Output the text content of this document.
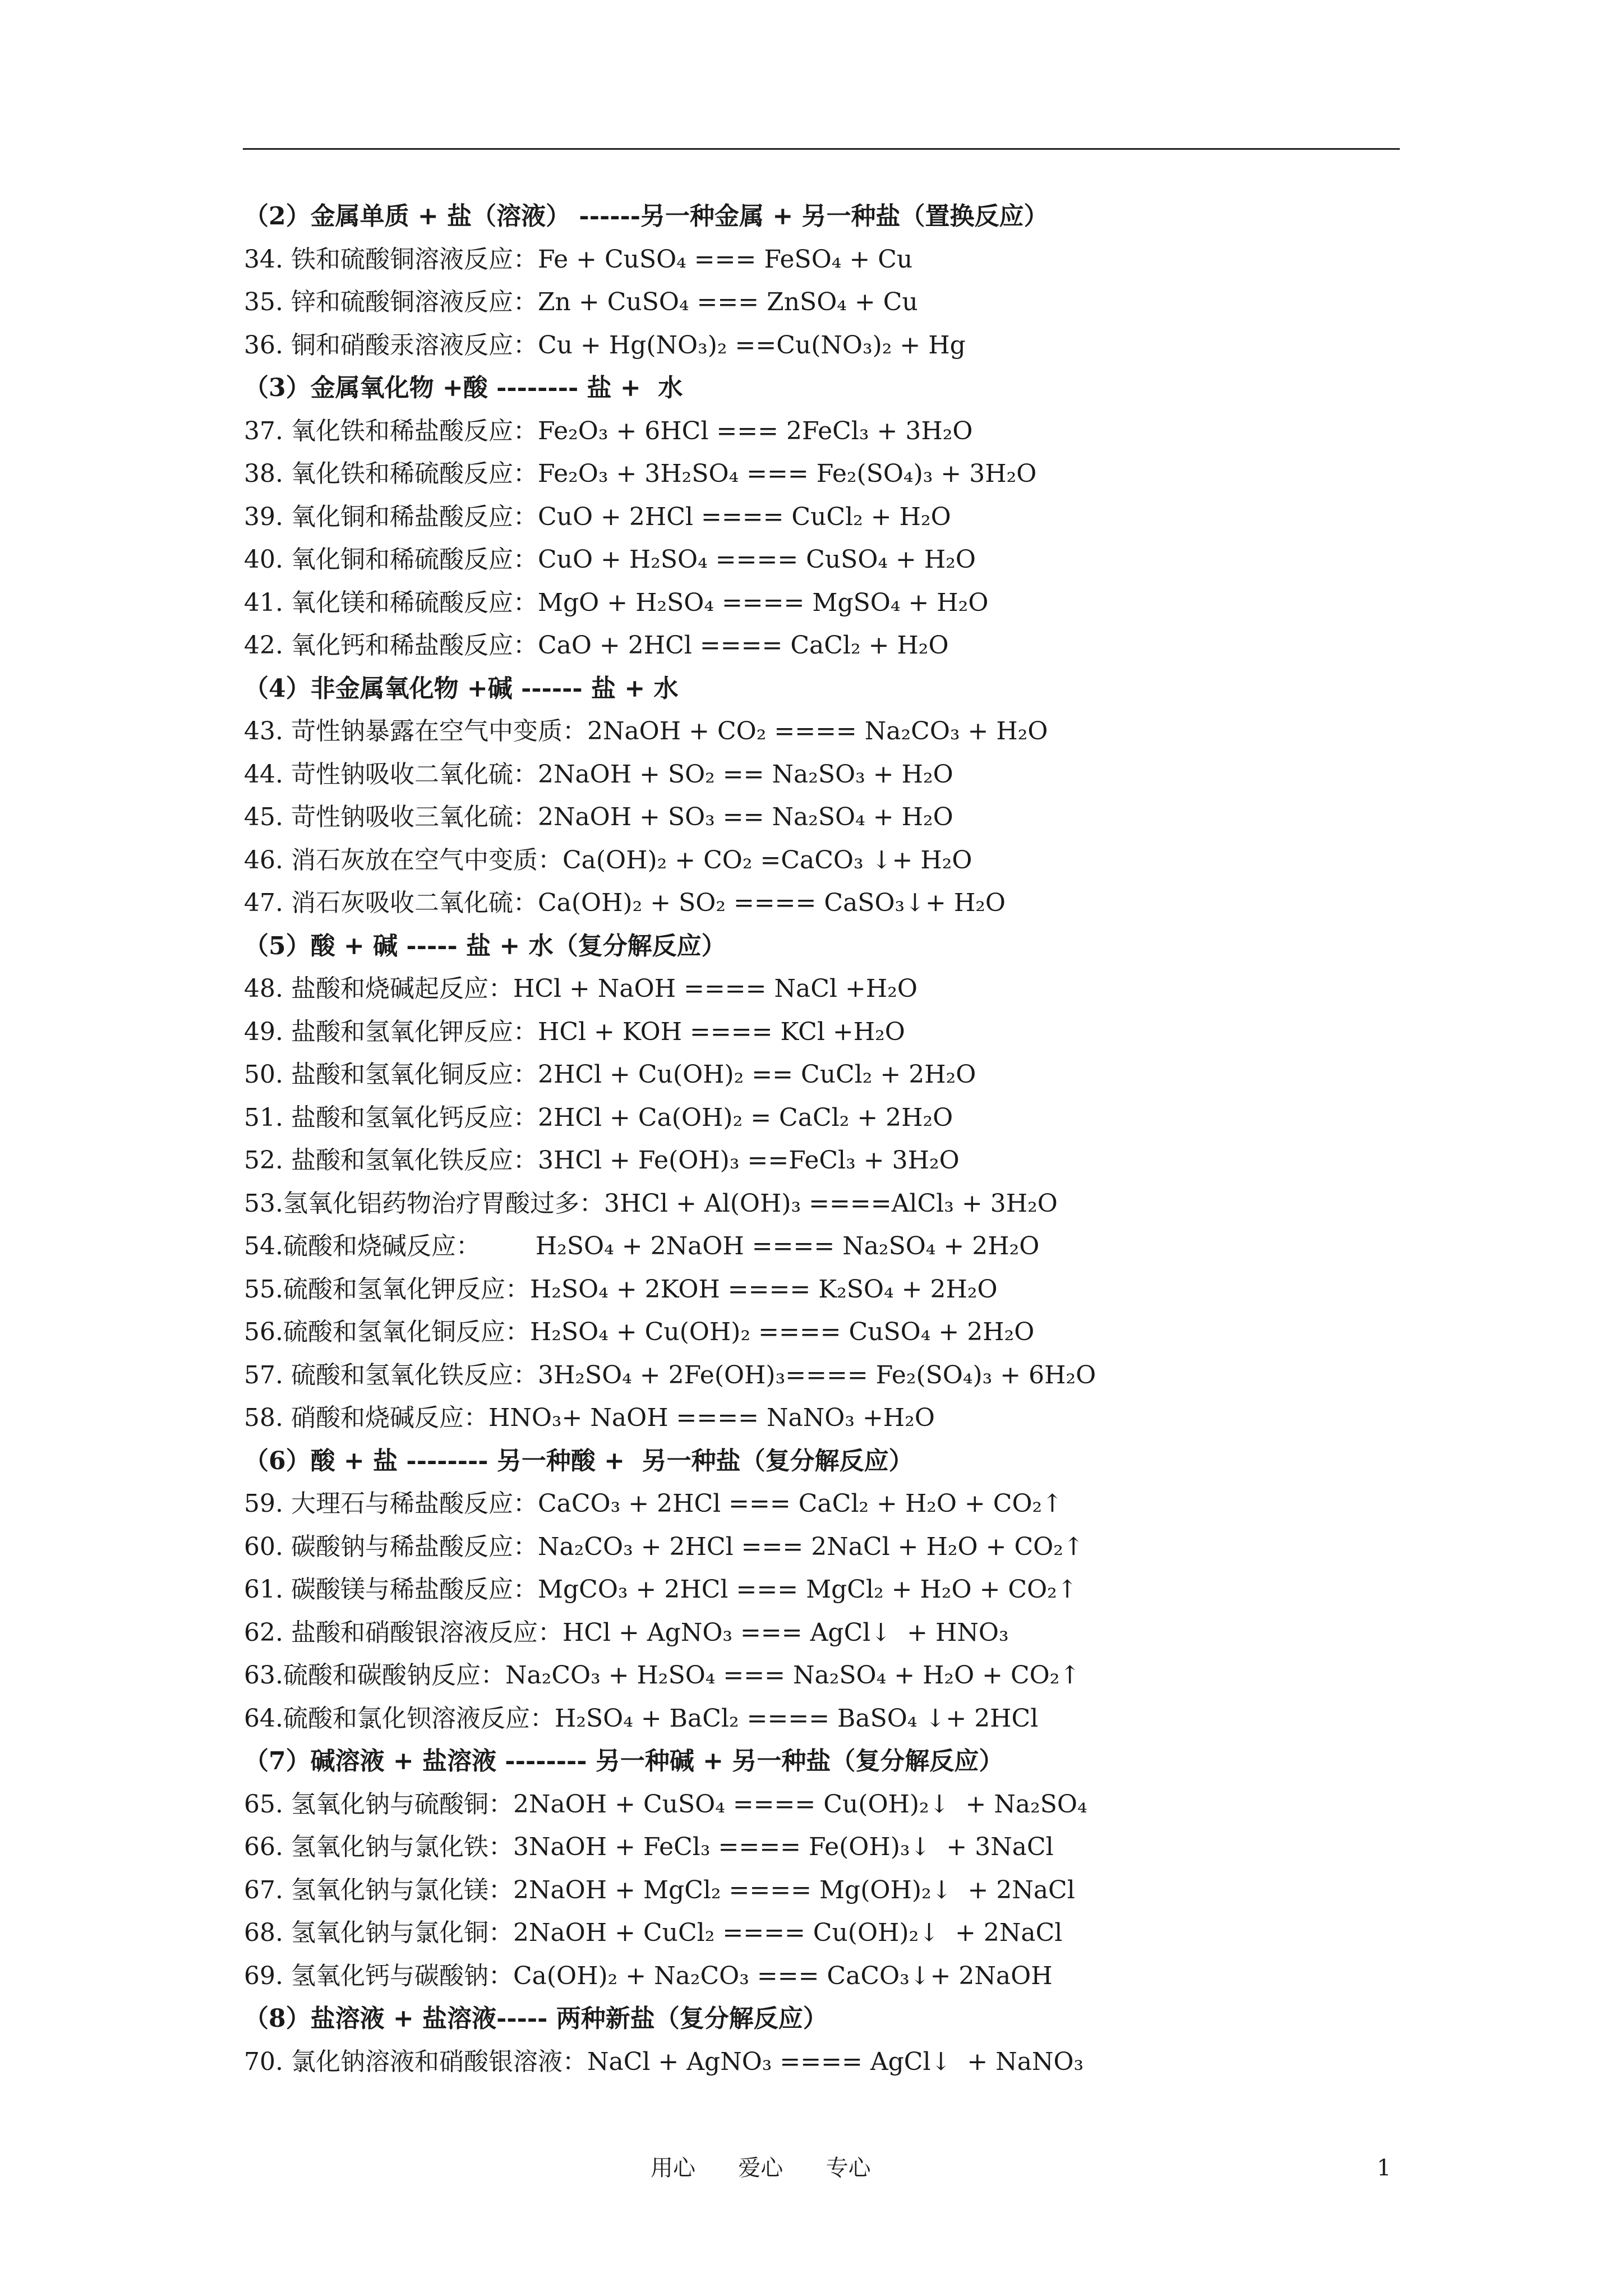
（2）金属单质 + 盐（溶液） ------另一种金属 + 另一种盐（置换反应）
34. 铁和硫酸铜溶液反应：Fe + CuSO₄ === FeSO₄ + Cu
35. 锌和硫酸铜溶液反应：Zn + CuSO₄ === ZnSO₄ + Cu
36. 铜和硝酸汞溶液反应：Cu + Hg(NO₃)₂ ==Cu(NO₃)₂ + Hg
（3）金属氧化物 +酸 -------- 盐 +  水
37. 氧化铁和稀盐酸反应：Fe₂O₃ + 6HCl === 2FeCl₃ + 3H₂O
38. 氧化铁和稀硫酸反应：Fe₂O₃ + 3H₂SO₄ === Fe₂(SO₄)₃ + 3H₂O
39. 氧化铜和稀盐酸反应：CuO + 2HCl ==== CuCl₂ + H₂O
40. 氧化铜和稀硫酸反应：CuO + H₂SO₄ ==== CuSO₄ + H₂O
41. 氧化镁和稀硫酸反应：MgO + H₂SO₄ ==== MgSO₄ + H₂O
42. 氧化钙和稀盐酸反应：CaO + 2HCl ==== CaCl₂ + H₂O
（4）非金属氧化物 +碱 ------ 盐 + 水
43. 苛性钠暴露在空气中变质：2NaOH + CO₂ ==== Na₂CO₃ + H₂O
44. 苛性钠吸收二氧化硫：2NaOH + SO₂ == Na₂SO₃ + H₂O
45. 苛性钠吸收三氧化硫：2NaOH + SO₃ == Na₂SO₄ + H₂O
46. 消石灰放在空气中变质：Ca(OH)₂ + CO₂ =CaCO₃ ↓+ H₂O
47. 消石灰吸收二氧化硫：Ca(OH)₂ + SO₂ ==== CaSO₃↓+ H₂O
（5）酸 + 碱 ----- 盐 + 水（复分解反应）
48. 盐酸和烧碱起反应：HCl + NaOH ==== NaCl +H₂O
49. 盐酸和氢氧化钾反应：HCl + KOH ==== KCl +H₂O
50. 盐酸和氢氧化铜反应：2HCl + Cu(OH)₂ == CuCl₂ + 2H₂O
51. 盐酸和氢氧化钙反应：2HCl + Ca(OH)₂ = CaCl₂ + 2H₂O
52. 盐酸和氢氧化铁反应：3HCl + Fe(OH)₃ ==FeCl₃ + 3H₂O
53.氢氧化铝药物治疗胃酸过多：3HCl + Al(OH)₃ ====AlCl₃ + 3H₂O
54.硫酸和烧碱反应：       H₂SO₄ + 2NaOH ==== Na₂SO₄ + 2H₂O
55.硫酸和氢氧化钾反应：H₂SO₄ + 2KOH ==== K₂SO₄ + 2H₂O
56.硫酸和氢氧化铜反应：H₂SO₄ + Cu(OH)₂ ==== CuSO₄ + 2H₂O
57. 硫酸和氢氧化铁反应：3H₂SO₄ + 2Fe(OH)₃==== Fe₂(SO₄)₃ + 6H₂O
58. 硝酸和烧碱反应：HNO₃+ NaOH ==== NaNO₃ +H₂O
（6）酸 + 盐 -------- 另一种酸 +  另一种盐（复分解反应）
59. 大理石与稀盐酸反应：CaCO₃ + 2HCl === CaCl₂ + H₂O + CO₂↑
60. 碳酸钠与稀盐酸反应：Na₂CO₃ + 2HCl === 2NaCl + H₂O + CO₂↑
61. 碳酸镁与稀盐酸反应：MgCO₃ + 2HCl === MgCl₂ + H₂O + CO₂↑
62. 盐酸和硝酸银溶液反应：HCl + AgNO₃ === AgCl↓  + HNO₃
63.硫酸和碳酸钠反应：Na₂CO₃ + H₂SO₄ === Na₂SO₄ + H₂O + CO₂↑
64.硫酸和氯化钡溶液反应：H₂SO₄ + BaCl₂ ==== BaSO₄ ↓+ 2HCl
（7）碱溶液 + 盐溶液 -------- 另一种碱 + 另一种盐（复分解反应）
65. 氢氧化钠与硫酸铜：2NaOH + CuSO₄ ==== Cu(OH)₂↓  + Na₂SO₄
66. 氢氧化钠与氯化铁：3NaOH + FeCl₃ ==== Fe(OH)₃↓  + 3NaCl
67. 氢氧化钠与氯化镁：2NaOH + MgCl₂ ==== Mg(OH)₂↓  + 2NaCl
68. 氢氧化钠与氯化铜：2NaOH + CuCl₂ ==== Cu(OH)₂↓  + 2NaCl
69. 氢氧化钙与碳酸钠：Ca(OH)₂ + Na₂CO₃ === CaCO₃↓+ 2NaOH
（8）盐溶液 + 盐溶液----- 两种新盐（复分解反应）
70. 氯化钠溶液和硝酸银溶液：NaCl + AgNO₃ ==== AgCl↓  + NaNO₃
用心      爱心      专心	1
